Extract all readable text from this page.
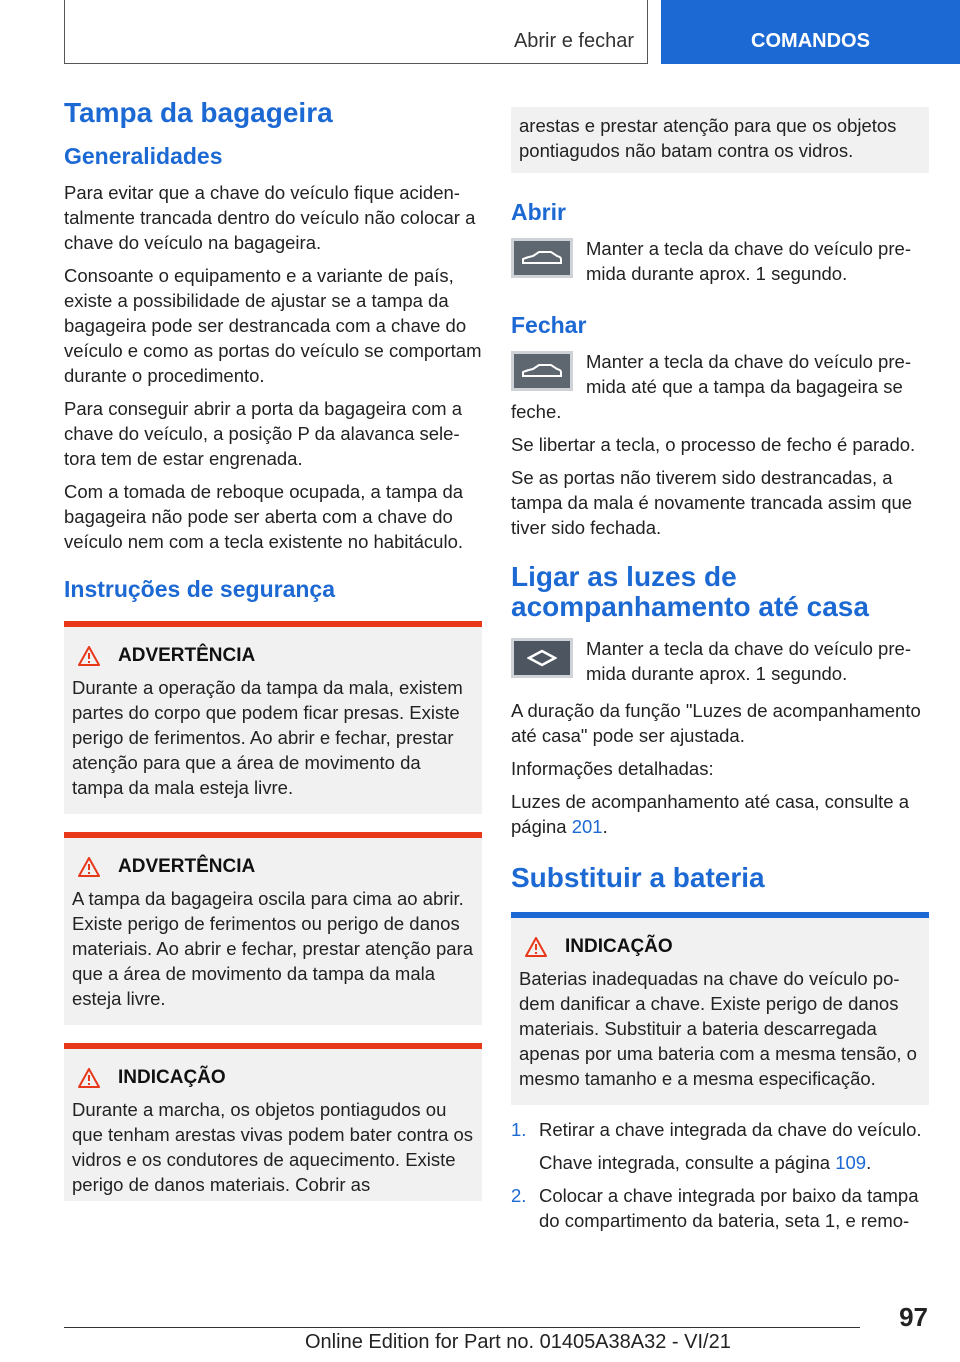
Abrir e fechar	COMANDOS
Tampa da bagageira
Generalidades

Para evitar que a chave do veículo fique acidentalmente trancada dentro do veículo não colocar a chave do veículo na bagageira.

Consoante o equipamento e a variante de país, existe a possibilidade de ajustar se a tampa da bagageira pode ser destrancada com a chave do veículo e como as portas do veículo se comportam durante o procedimento.

Para conseguir abrir a porta da bagageira com a chave do veículo, a posição P da alavanca seletora tem de estar engrenada.

Com a tomada de reboque ocupada, a tampa da bagageira não pode ser aberta com a chave do veículo nem com a tecla existente no habitáculo.

Instruções de segurança
ADVERTÊNCIA

Durante a operação da tampa da mala, existem partes do corpo que podem ficar presas. Existe perigo de ferimentos. Ao abrir e fechar, prestar atenção para que a área de movimento da tampa da mala esteja livre.

ADVERTÊNCIA

A tampa da bagageira oscila para cima ao abrir. Existe perigo de ferimentos ou perigo de danos materiais. Ao abrir e fechar, prestar atenção para que a área de movimento da tampa da mala esteja livre.

INDICAÇÃO

Durante a marcha, os objetos pontiagudos ou que tenham arestas vivas podem bater contra os vidros e os condutores de aquecimento. Existe perigo de danos materiais. Cobrir as

arestas e prestar atenção para que os objetos pontiagudos não batam contra os vidros.

Abrir

Manter a tecla da chave do veículo premida durante aprox. 1 segundo.

Fechar

Manter a tecla da chave do veículo premida até que a tampa da bagageira se feche.

Se libertar a tecla, o processo de fecho é parado.

Se as portas não tiverem sido destrancadas, a tampa da mala é novamente trancada assim que tiver sido fechada.

Ligar as luzes de acompanhamento até casa

Manter a tecla da chave do veículo premida durante aprox. 1 segundo.

A duração da função "Luzes de acompanhamento até casa" pode ser ajustada.

Informações detalhadas:

Luzes de acompanhamento até casa, consulte a página 201.

Substituir a bateria
INDICAÇÃO

Baterias inadequadas na chave do veículo podem danificar a chave. Existe perigo de danos materiais. Substituir a bateria descarregada apenas por uma bateria com a mesma tensão, o mesmo tamanho e a mesma especificação.

1. Retirar a chave integrada da chave do veículo.

Chave integrada, consulte a página 109.

2. Colocar a chave integrada por baixo da tampa do compartimento da bateria, seta 1, e remo-

97
Online Edition for Part no. 01405A38A32 - VI/21
